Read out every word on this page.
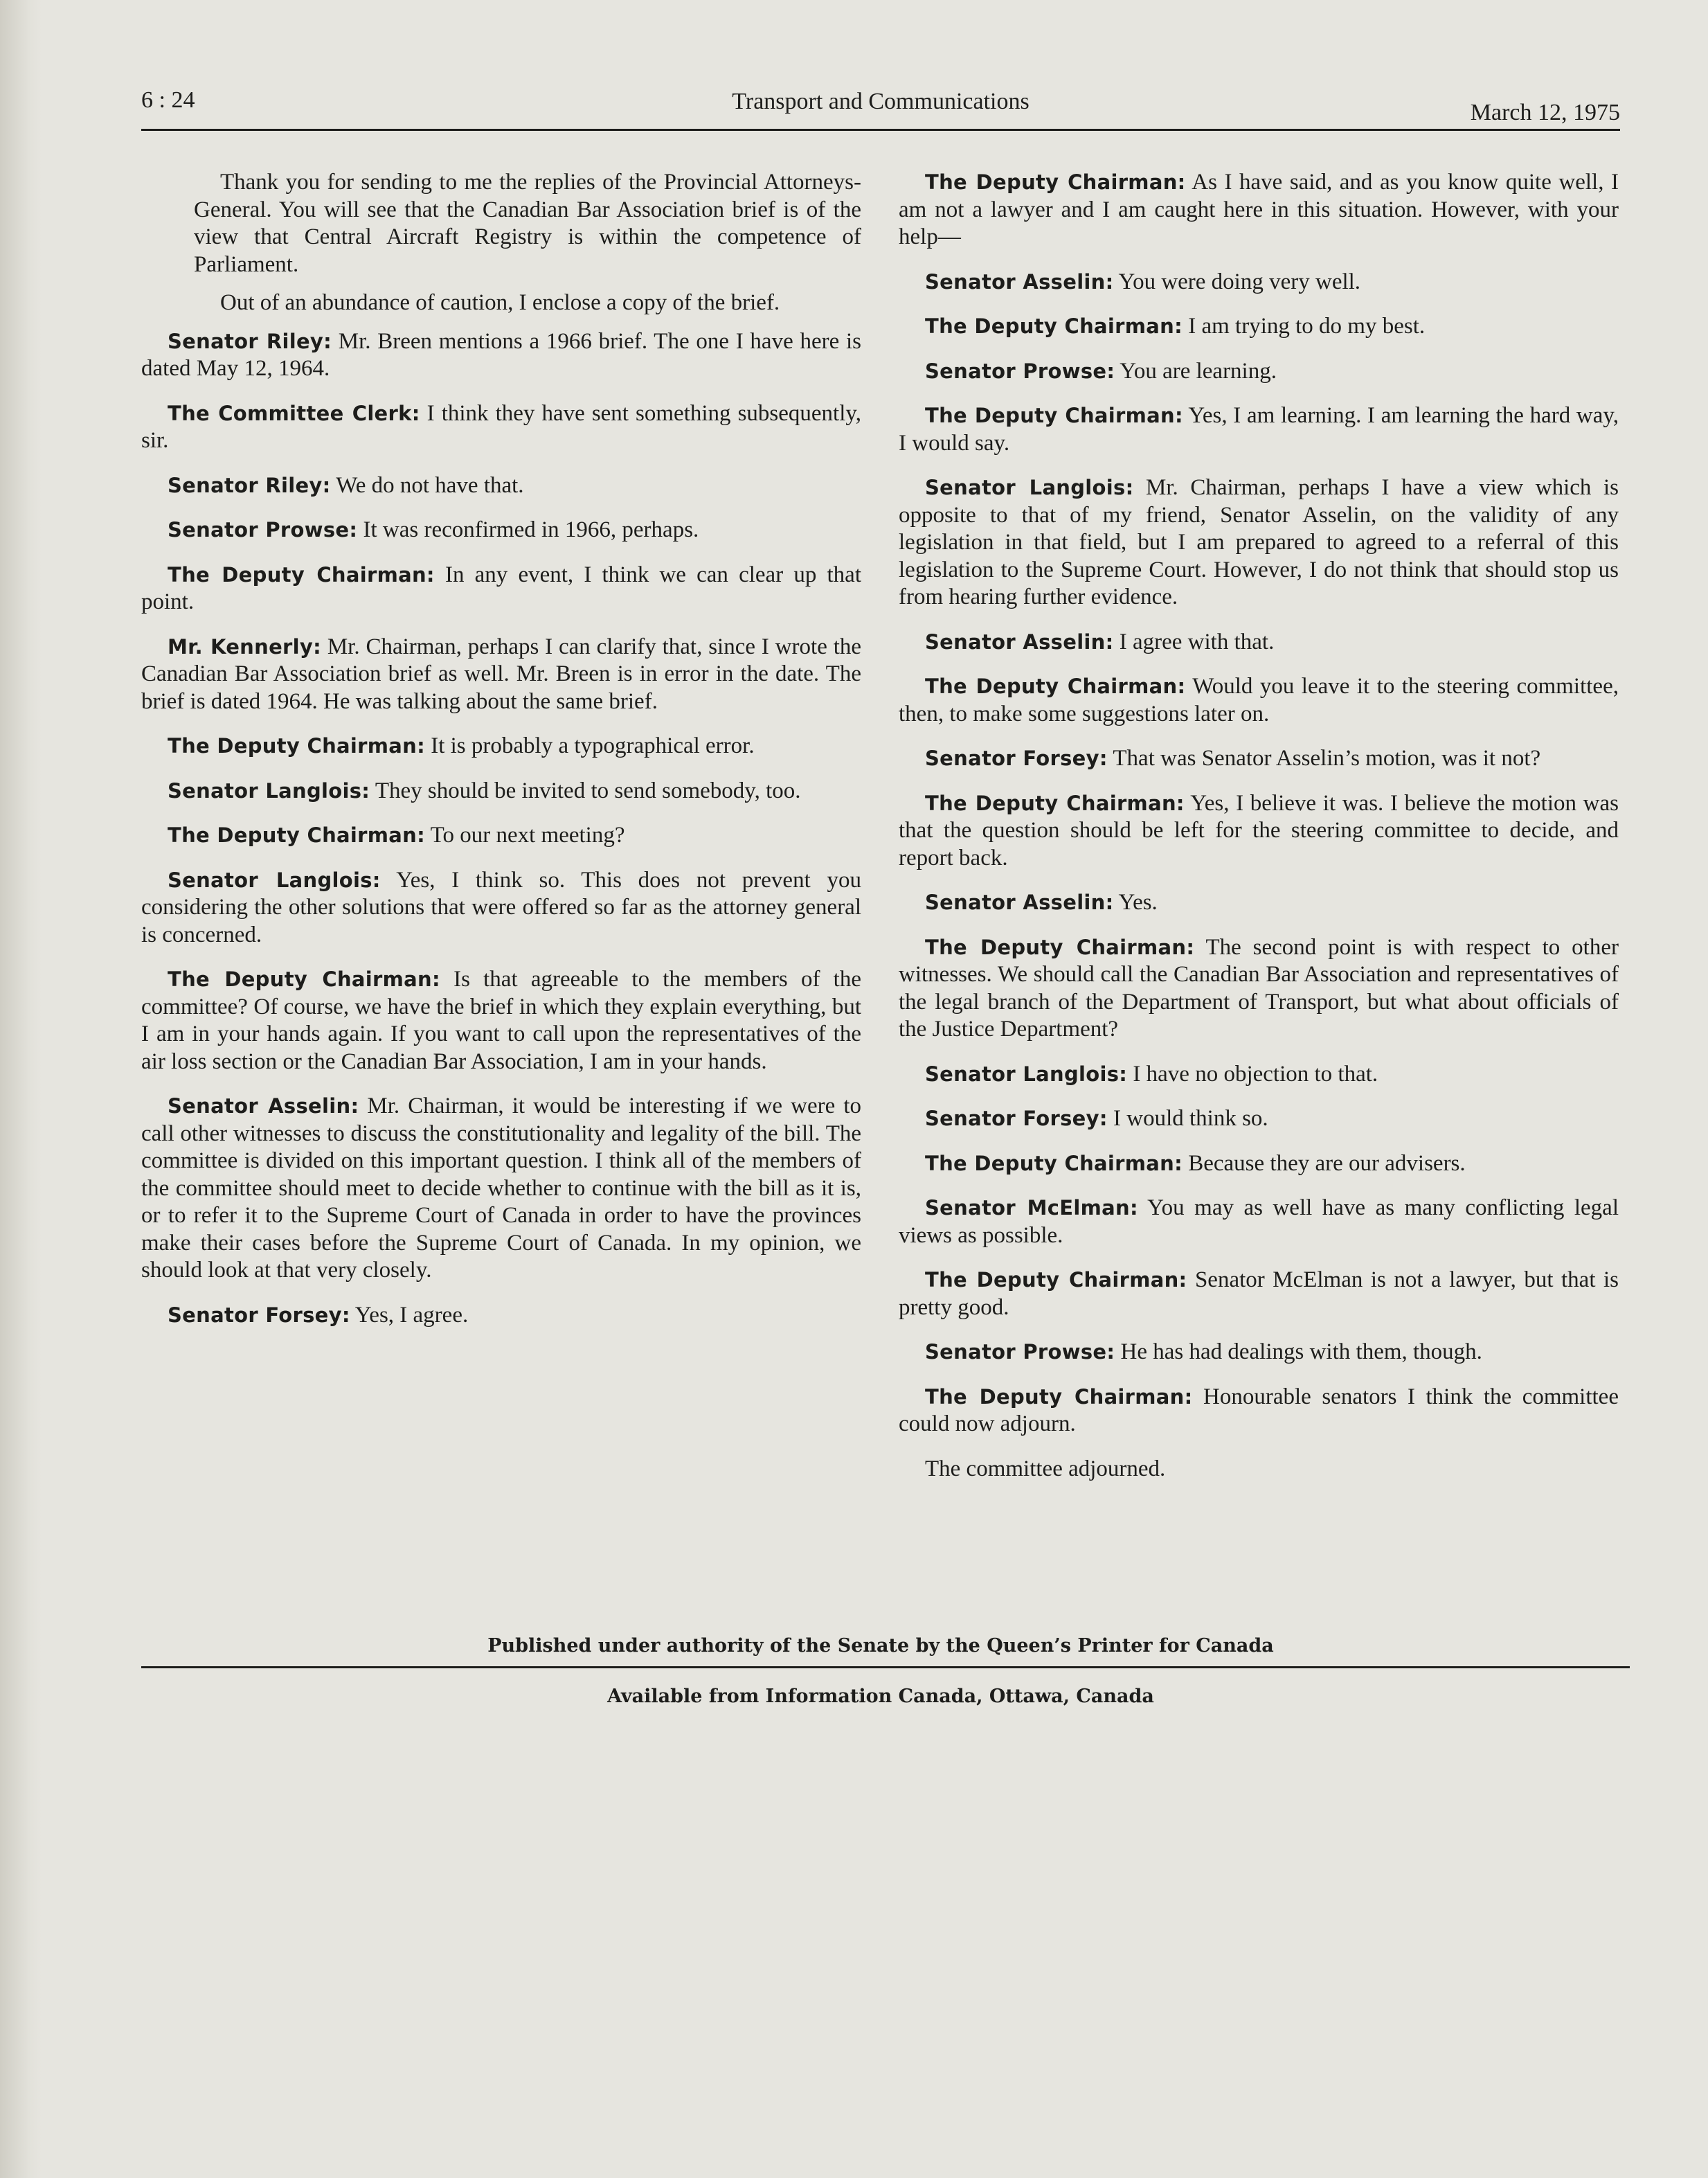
6 : 24	Transport and Communications	March 12, 1975

Thank you for sending to me the replies of the Provincial Attorneys-General. You will see that the Canadian Bar Association brief is of the view that Central Aircraft Registry is within the competence of Parliament.

Out of an abundance of caution, I enclose a copy of the brief.

Senator Riley: Mr. Breen mentions a 1966 brief. The one I have here is dated May 12, 1964.

The Committee Clerk: I think they have sent something subsequently, sir.

Senator Riley: We do not have that.

Senator Prowse: It was reconfirmed in 1966, perhaps.

The Deputy Chairman: In any event, I think we can clear up that point.

Mr. Kennerly: Mr. Chairman, perhaps I can clarify that, since I wrote the Canadian Bar Association brief as well. Mr. Breen is in error in the date. The brief is dated 1964. He was talking about the same brief.

The Deputy Chairman: It is probably a typographical error.

Senator Langlois: They should be invited to send somebody, too.

The Deputy Chairman: To our next meeting?

Senator Langlois: Yes, I think so. This does not prevent you considering the other solutions that were offered so far as the attorney general is concerned.

The Deputy Chairman: Is that agreeable to the members of the committee? Of course, we have the brief in which they explain everything, but I am in your hands again. If you want to call upon the representatives of the air loss section or the Canadian Bar Association, I am in your hands.

Senator Asselin: Mr. Chairman, it would be interesting if we were to call other witnesses to discuss the constitutionality and legality of the bill. The committee is divided on this important question. I think all of the members of the committee should meet to decide whether to continue with the bill as it is, or to refer it to the Supreme Court of Canada in order to have the provinces make their cases before the Supreme Court of Canada. In my opinion, we should look at that very closely.

Senator Forsey: Yes, I agree.

The Deputy Chairman: As I have said, and as you know quite well, I am not a lawyer and I am caught here in this situation. However, with your help—

Senator Asselin: You were doing very well.

The Deputy Chairman: I am trying to do my best.

Senator Prowse: You are learning.

The Deputy Chairman: Yes, I am learning. I am learning the hard way, I would say.

Senator Langlois: Mr. Chairman, perhaps I have a view which is opposite to that of my friend, Senator Asselin, on the validity of any legislation in that field, but I am prepared to agreed to a referral of this legislation to the Supreme Court. However, I do not think that should stop us from hearing further evidence.

Senator Asselin: I agree with that.

The Deputy Chairman: Would you leave it to the steering committee, then, to make some suggestions later on.

Senator Forsey: That was Senator Asselin’s motion, was it not?

The Deputy Chairman: Yes, I believe it was. I believe the motion was that the question should be left for the steering committee to decide, and report back.

Senator Asselin: Yes.

The Deputy Chairman: The second point is with respect to other witnesses. We should call the Canadian Bar Association and representatives of the legal branch of the Department of Transport, but what about officials of the Justice Department?

Senator Langlois: I have no objection to that.

Senator Forsey: I would think so.

The Deputy Chairman: Because they are our advisers.

Senator McElman: You may as well have as many conflicting legal views as possible.

The Deputy Chairman: Senator McElman is not a lawyer, but that is pretty good.

Senator Prowse: He has had dealings with them, though.

The Deputy Chairman: Honourable senators I think the committee could now adjourn.

The committee adjourned.

Published under authority of the Senate by the Queen’s Printer for Canada
Available from Information Canada, Ottawa, Canada
